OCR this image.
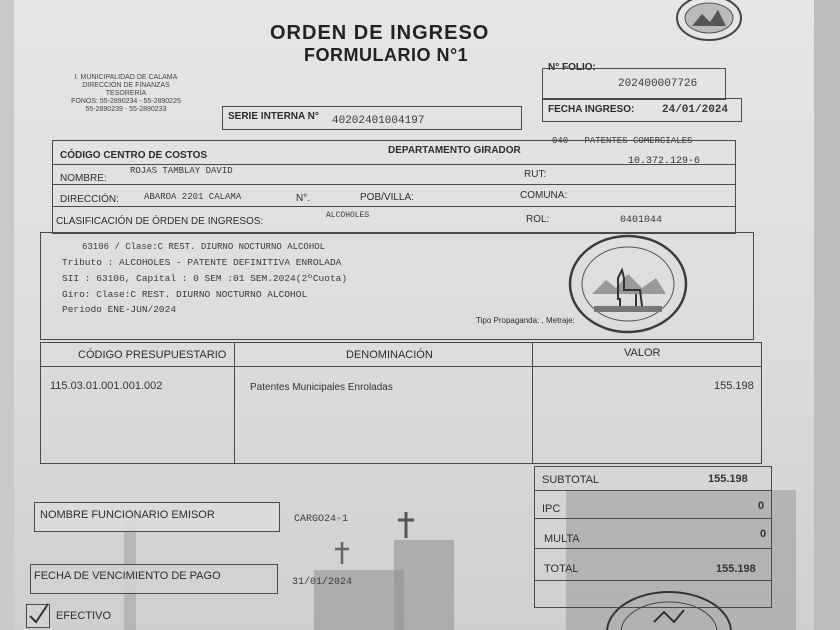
ORDEN DE INGRESO
FORMULARIO N°1
I. MUNICIPALIDAD DE CALAMA
DIRECCIÓN DE FINANZAS
TESORERÍA
FONOS: 55-2890234 - 55-2890225
55-2890239 - 55-2890233
N° FOLIO:
202400007726
FECHA INGRESO:	24/01/2024
SERIE INTERNA N° 40202401004197
CÓDIGO CENTRO DE COSTOS	DEPARTAMENTO GIRADOR
040 - PATENTES COMERCIALES
NOMBRE:
ROJAS TAMBLAY DAVID	RUT:
10.372.129-6
DIRECCIÓN:	ABAROA 2201 CALAMA	N°.	POB/VILLA:	COMUNA:
CLASIFICACIÓN DE ÓRDEN DE INGRESOS:
ALCOHOLES	ROL:	0401044
63106 / Clase:C REST. DIURNO NOCTURNO ALCOHOL
Tributo : ALCOHOLES - PATENTE DEFINITIVA ENROLADA
SII : 63106, Capital : 0 SEM :01 SEM.2024(2ºCuota)
Giro: Clase:C REST. DIURNO NOCTURNO ALCOHOL
Periodo ENE-JUN/2024
Tipo Propaganda: , Metraje:
CÓDIGO PRESUPUESTARIO	DENOMINACIÓN	VALOR
115.03.01.001.001.002	Patentes Municipales Enroladas	155.198
SUBTOTAL	155.198
IPC	0
MULTA	0
TOTAL	155.198
NOMBRE FUNCIONARIO EMISOR	CARGO24-1
FECHA DE VENCIMIENTO DE PAGO
31/01/2024
EFECTIVO
